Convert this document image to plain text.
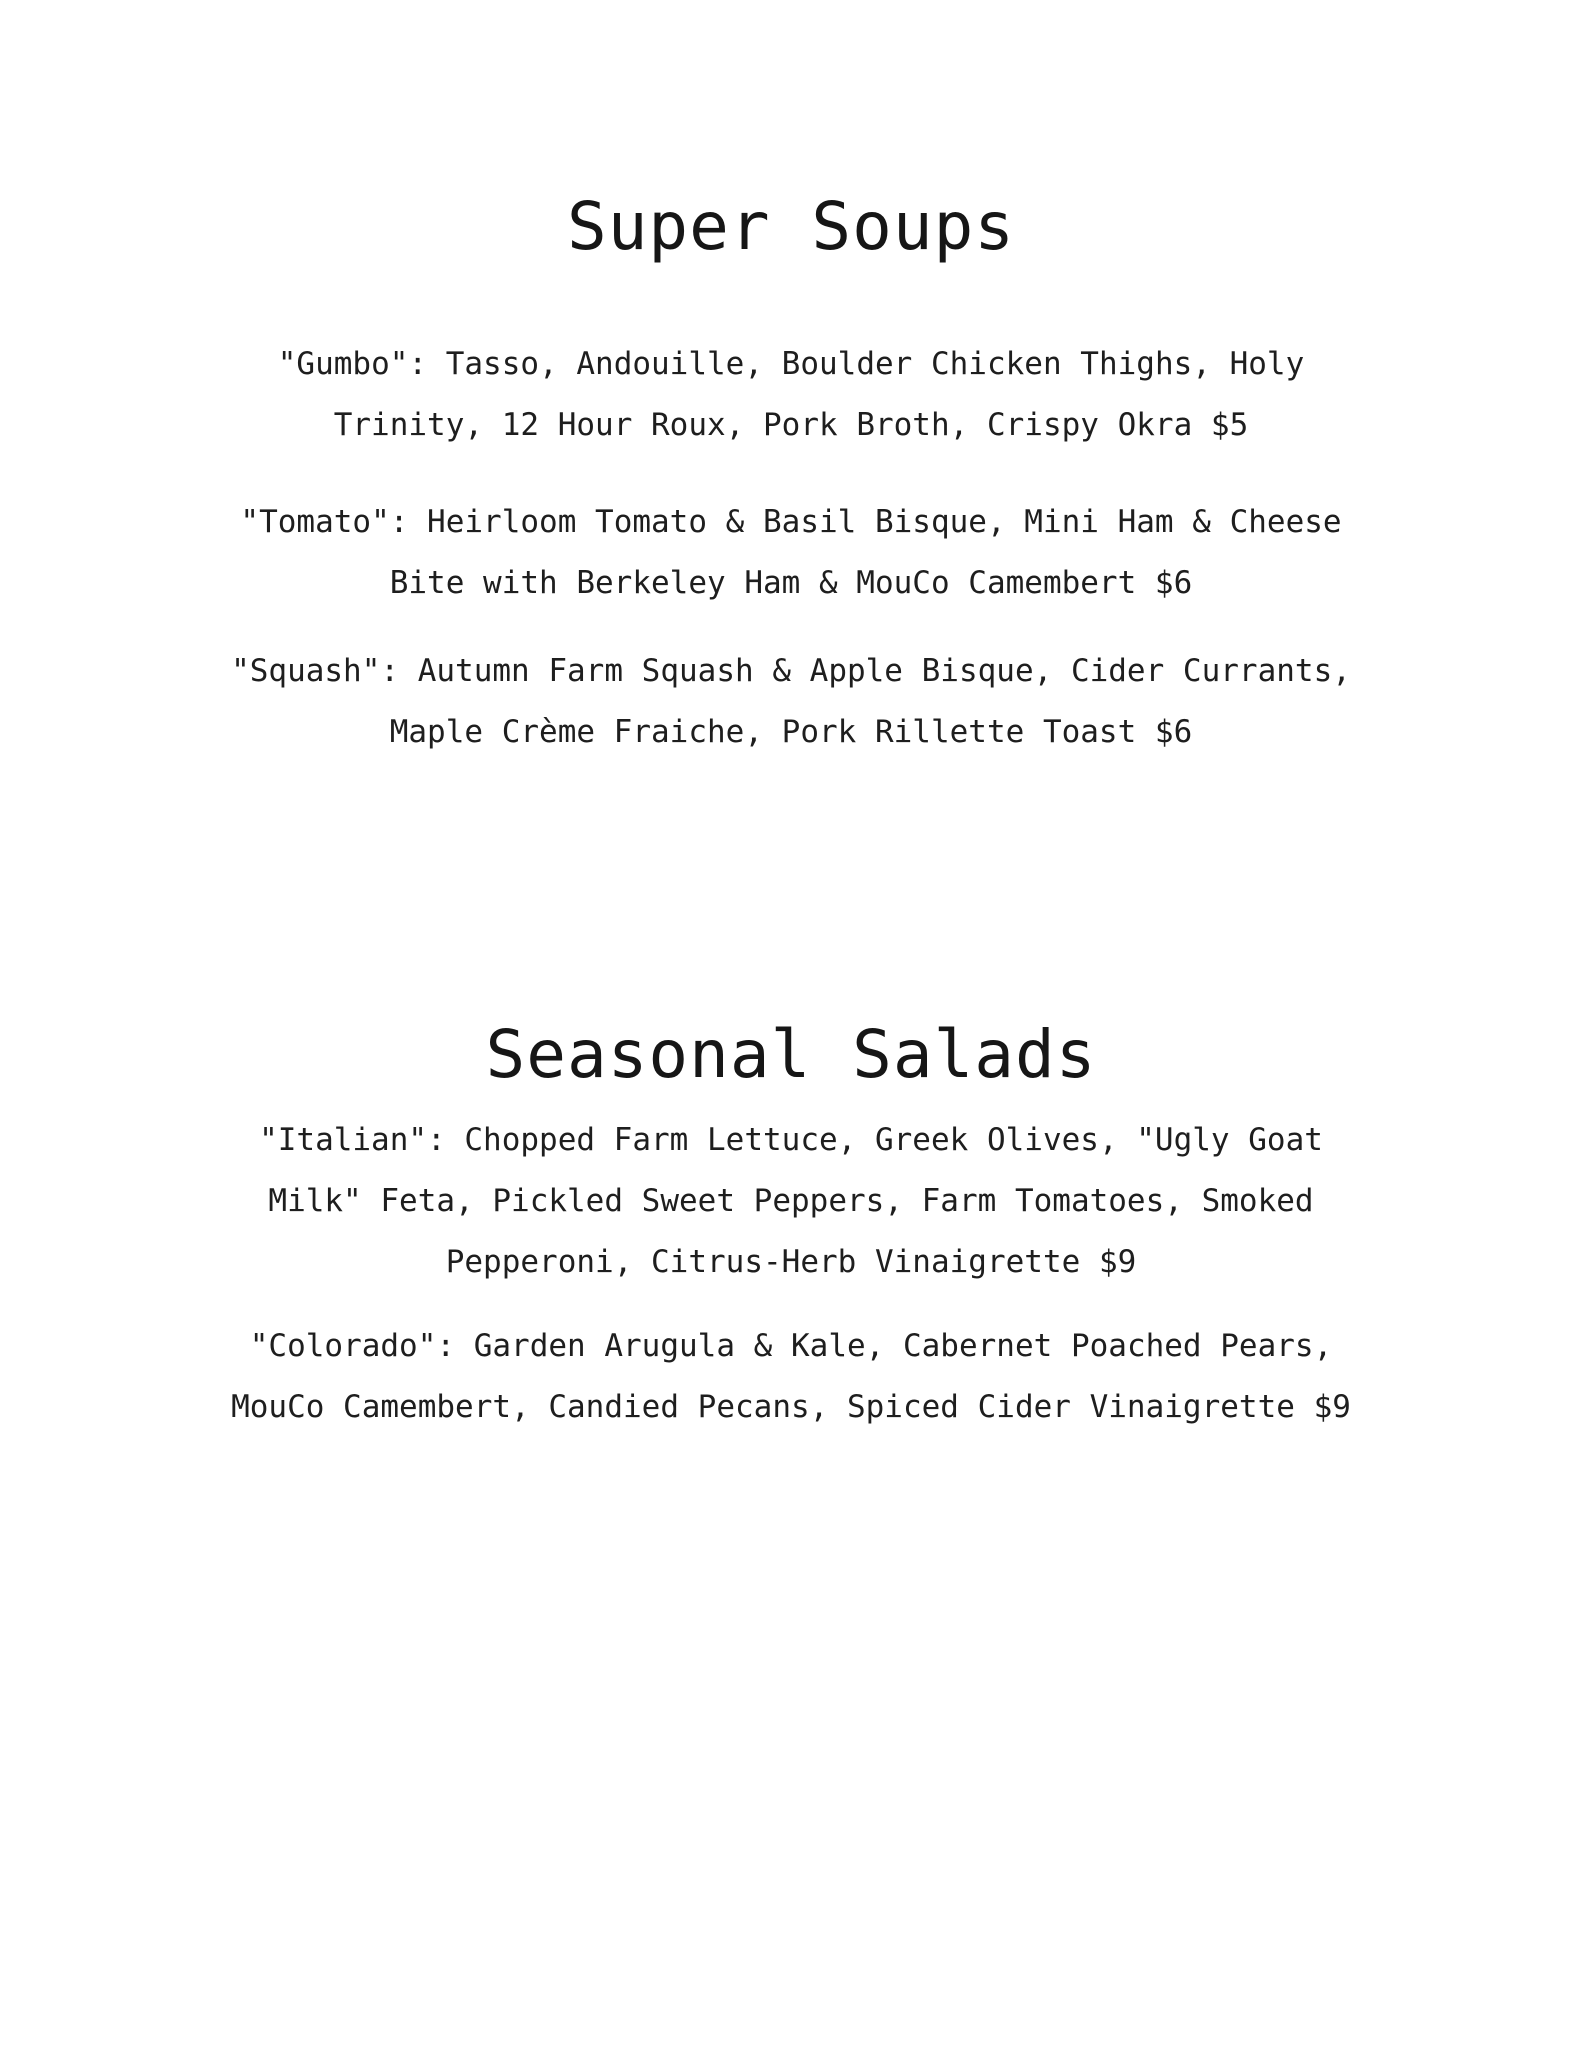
Super Soups

"Gumbo": Tasso, Andouille, Boulder Chicken Thighs, Holy
Trinity, 12 Hour Roux, Pork Broth, Crispy Okra $5

"Tomato": Heirloom Tomato & Basil Bisque, Mini Ham & Cheese
Bite with Berkeley Ham & MouCo Camembert $6

"Squash": Autumn Farm Squash & Apple Bisque, Cider Currants,
Maple Crème Fraiche, Pork Rillette Toast $6

Seasonal Salads

"Italian": Chopped Farm Lettuce, Greek Olives, "Ugly Goat
Milk" Feta, Pickled Sweet Peppers, Farm Tomatoes, Smoked
Pepperoni, Citrus-Herb Vinaigrette $9

"Colorado": Garden Arugula & Kale, Cabernet Poached Pears,
MouCo Camembert, Candied Pecans, Spiced Cider Vinaigrette $9
